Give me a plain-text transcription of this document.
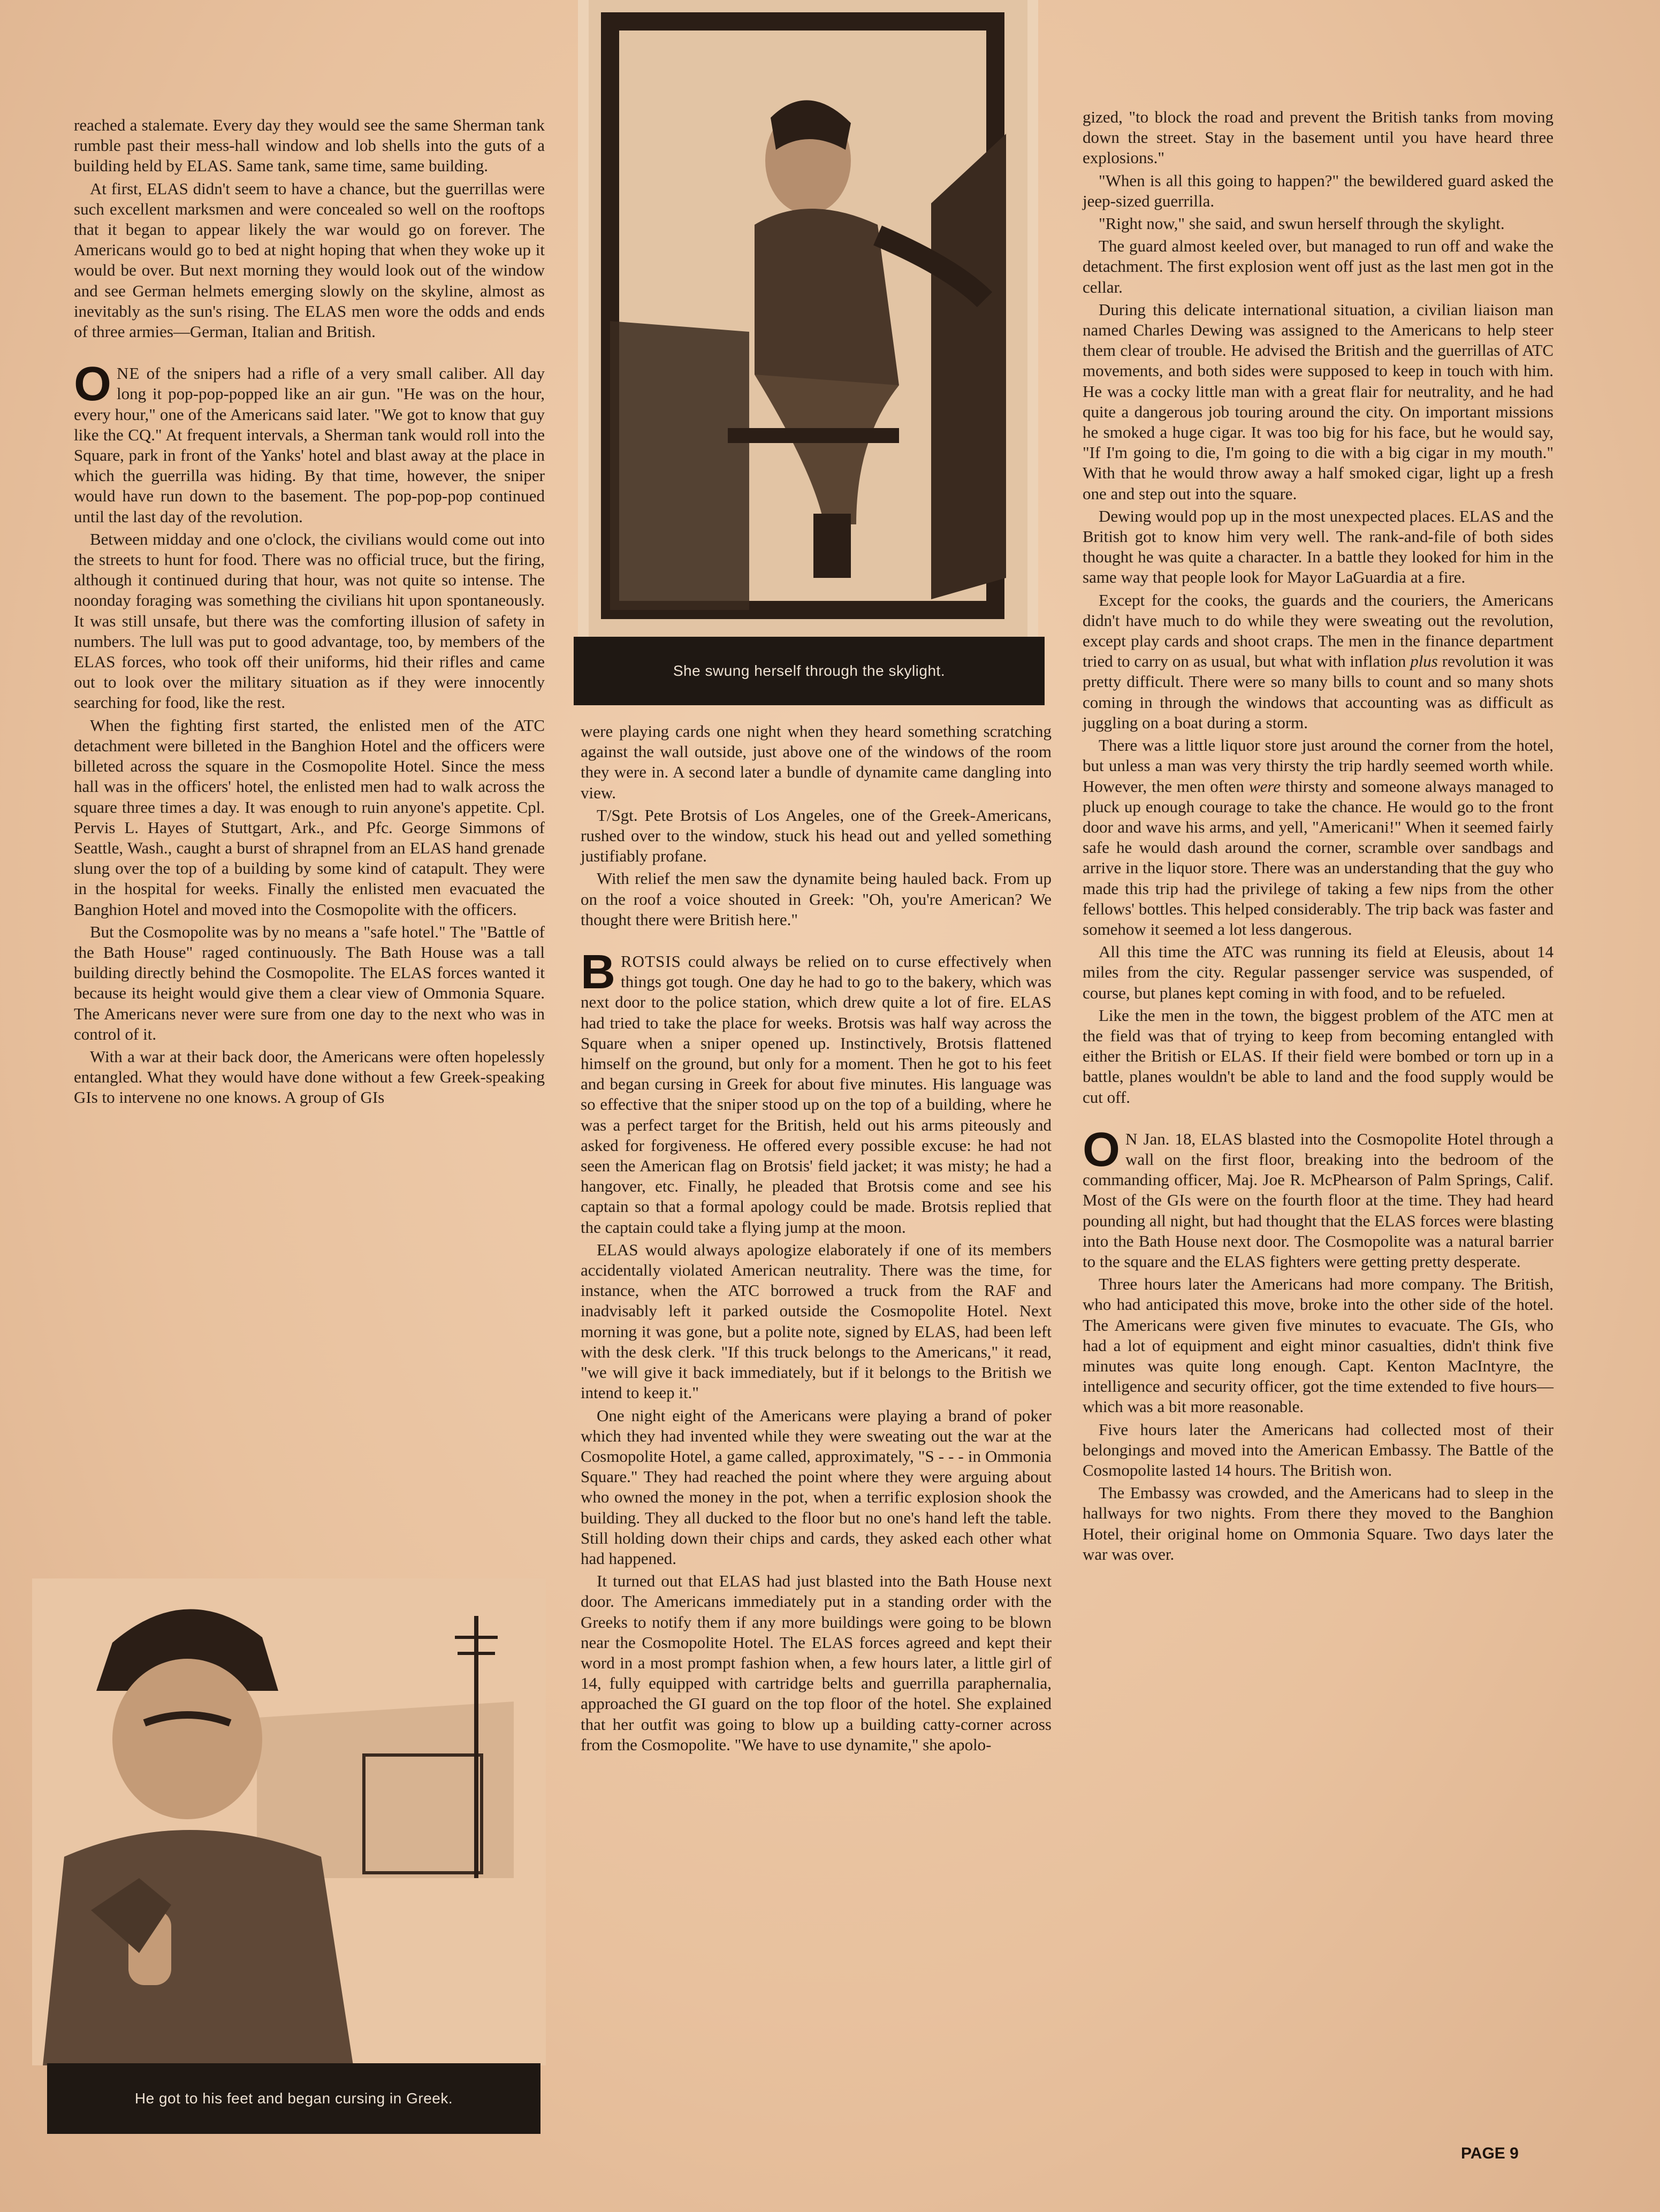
She swung herself through the skylight.
He got to his feet and began cursing in Greek.

reached a stalemate. Every day they would see the same Sherman tank rumble past their mess-hall window and lob shells into the guts of a building held by ELAS. Same tank, same time, same building.

At first, ELAS didn't seem to have a chance, but the guerrillas were such excellent marksmen and were concealed so well on the rooftops that it began to appear likely the war would go on forever. The Americans would go to bed at night hoping that when they woke up it would be over. But next morning they would look out of the window and see German helmets emerging slowly on the skyline, almost as inevitably as the sun's rising. The ELAS men wore the odds and ends of three armies—German, Italian and British.

ONE of the snipers had a rifle of a very small caliber. All day long it pop-pop-popped like an air gun. "He was on the hour, every hour," one of the Americans said later. "We got to know that guy like the CQ." At frequent intervals, a Sherman tank would roll into the Square, park in front of the Yanks' hotel and blast away at the place in which the guerrilla was hiding. By that time, however, the sniper would have run down to the basement. The pop-pop-pop continued until the last day of the revolution.

Between midday and one o'clock, the civilians would come out into the streets to hunt for food. There was no official truce, but the firing, although it continued during that hour, was not quite so intense. The noonday foraging was something the civilians hit upon spontaneously. It was still unsafe, but there was the comforting illusion of safety in numbers. The lull was put to good advantage, too, by members of the ELAS forces, who took off their uniforms, hid their rifles and came out to look over the military situation as if they were innocently searching for food, like the rest.

When the fighting first started, the enlisted men of the ATC detachment were billeted in the Banghion Hotel and the officers were billeted across the square in the Cosmopolite Hotel. Since the mess hall was in the officers' hotel, the enlisted men had to walk across the square three times a day. It was enough to ruin anyone's appetite. Cpl. Pervis L. Hayes of Stuttgart, Ark., and Pfc. George Simmons of Seattle, Wash., caught a burst of shrapnel from an ELAS hand grenade slung over the top of a building by some kind of catapult. They were in the hospital for weeks. Finally the enlisted men evacuated the Banghion Hotel and moved into the Cosmopolite with the officers.

But the Cosmopolite was by no means a "safe hotel." The "Battle of the Bath House" raged continuously. The Bath House was a tall building directly behind the Cosmopolite. The ELAS forces wanted it because its height would give them a clear view of Ommonia Square. The Americans never were sure from one day to the next who was in control of it.

With a war at their back door, the Americans were often hopelessly entangled. What they would have done without a few Greek-speaking GIs to intervene no one knows. A group of GIs

were playing cards one night when they heard something scratching against the wall outside, just above one of the windows of the room they were in. A second later a bundle of dynamite came dangling into view.

T/Sgt. Pete Brotsis of Los Angeles, one of the Greek-Americans, rushed over to the window, stuck his head out and yelled something justifiably profane.

With relief the men saw the dynamite being hauled back. From up on the roof a voice shouted in Greek: "Oh, you're American? We thought there were British here."

BROTSIS could always be relied on to curse effectively when things got tough. One day he had to go to the bakery, which was next door to the police station, which drew quite a lot of fire. ELAS had tried to take the place for weeks. Brotsis was half way across the Square when a sniper opened up. Instinctively, Brotsis flattened himself on the ground, but only for a moment. Then he got to his feet and began cursing in Greek for about five minutes. His language was so effective that the sniper stood up on the top of a building, where he was a perfect target for the British, held out his arms piteously and asked for forgiveness. He offered every possible excuse: he had not seen the American flag on Brotsis' field jacket; it was misty; he had a hangover, etc. Finally, he pleaded that Brotsis come and see his captain so that a formal apology could be made. Brotsis replied that the captain could take a flying jump at the moon.

ELAS would always apologize elaborately if one of its members accidentally violated American neutrality. There was the time, for instance, when the ATC borrowed a truck from the RAF and inadvisably left it parked outside the Cosmopolite Hotel. Next morning it was gone, but a polite note, signed by ELAS, had been left with the desk clerk. "If this truck belongs to the Americans," it read, "we will give it back immediately, but if it belongs to the British we intend to keep it."

One night eight of the Americans were playing a brand of poker which they had invented while they were sweating out the war at the Cosmopolite Hotel, a game called, approximately, "S - - - in Ommonia Square." They had reached the point where they were arguing about who owned the money in the pot, when a terrific explosion shook the building. They all ducked to the floor but no one's hand left the table. Still holding down their chips and cards, they asked each other what had happened.

It turned out that ELAS had just blasted into the Bath House next door. The Americans immediately put in a standing order with the Greeks to notify them if any more buildings were going to be blown near the Cosmopolite Hotel. The ELAS forces agreed and kept their word in a most prompt fashion when, a few hours later, a little girl of 14, fully equipped with cartridge belts and guerrilla paraphernalia, approached the GI guard on the top floor of the hotel. She explained that her outfit was going to blow up a building catty-corner across from the Cosmopolite. "We have to use dynamite," she apolo-

gized, "to block the road and prevent the British tanks from moving down the street. Stay in the basement until you have heard three explosions."

"When is all this going to happen?" the bewildered guard asked the jeep-sized guerrilla.

"Right now," she said, and swun herself through the skylight.

The guard almost keeled over, but managed to run off and wake the detachment. The first explosion went off just as the last men got in the cellar.

During this delicate international situation, a civilian liaison man named Charles Dewing was assigned to the Americans to help steer them clear of trouble. He advised the British and the guerrillas of ATC movements, and both sides were supposed to keep in touch with him. He was a cocky little man with a great flair for neutrality, and he had quite a dangerous job touring around the city. On important missions he smoked a huge cigar. It was too big for his face, but he would say, "If I'm going to die, I'm going to die with a big cigar in my mouth." With that he would throw away a half smoked cigar, light up a fresh one and step out into the square.

Dewing would pop up in the most unexpected places. ELAS and the British got to know him very well. The rank-and-file of both sides thought he was quite a character. In a battle they looked for him in the same way that people look for Mayor LaGuardia at a fire.

Except for the cooks, the guards and the couriers, the Americans didn't have much to do while they were sweating out the revolution, except play cards and shoot craps. The men in the finance department tried to carry on as usual, but what with inflation plus revolution it was pretty difficult. There were so many bills to count and so many shots coming in through the windows that accounting was as difficult as juggling on a boat during a storm.

There was a little liquor store just around the corner from the hotel, but unless a man was very thirsty the trip hardly seemed worth while. However, the men often were thirsty and someone always managed to pluck up enough courage to take the chance. He would go to the front door and wave his arms, and yell, "Americani!" When it seemed fairly safe he would dash around the corner, scramble over sandbags and arrive in the liquor store. There was an understanding that the guy who made this trip had the privilege of taking a few nips from the other fellows' bottles. This helped considerably. The trip back was faster and somehow it seemed a lot less dangerous.

All this time the ATC was running its field at Eleusis, about 14 miles from the city. Regular passenger service was suspended, of course, but planes kept coming in with food, and to be refueled.

Like the men in the town, the biggest problem of the ATC men at the field was that of trying to keep from becoming entangled with either the British or ELAS. If their field were bombed or torn up in a battle, planes wouldn't be able to land and the food supply would be cut off.

O N Jan. 18, ELAS blasted into the Cosmopolite Hotel through a wall on the first floor, breaking into the bedroom of the commanding officer, Maj. Joe R. McPhearson of Palm Springs, Calif. Most of the GIs were on the fourth floor at the time. They had heard pounding all night, but had thought that the ELAS forces were blasting into the Bath House next door. The Cosmopolite was a natural barrier to the square and the ELAS fighters were getting pretty desperate.

Three hours later the Americans had more company. The British, who had anticipated this move, broke into the other side of the hotel. The Americans were given five minutes to evacuate. The GIs, who had a lot of equipment and eight minor casualties, didn't think five minutes was quite long enough. Capt. Kenton MacIntyre, the intelligence and security officer, got the time extended to five hours—which was a bit more reasonable.

Five hours later the Americans had collected most of their belongings and moved into the American Embassy. The Battle of the Cosmopolite lasted 14 hours. The British won.

The Embassy was crowded, and the Americans had to sleep in the hallways for two nights. From there they moved to the Banghion Hotel, their original home on Ommonia Square. Two days later the war was over.

PAGE 9
